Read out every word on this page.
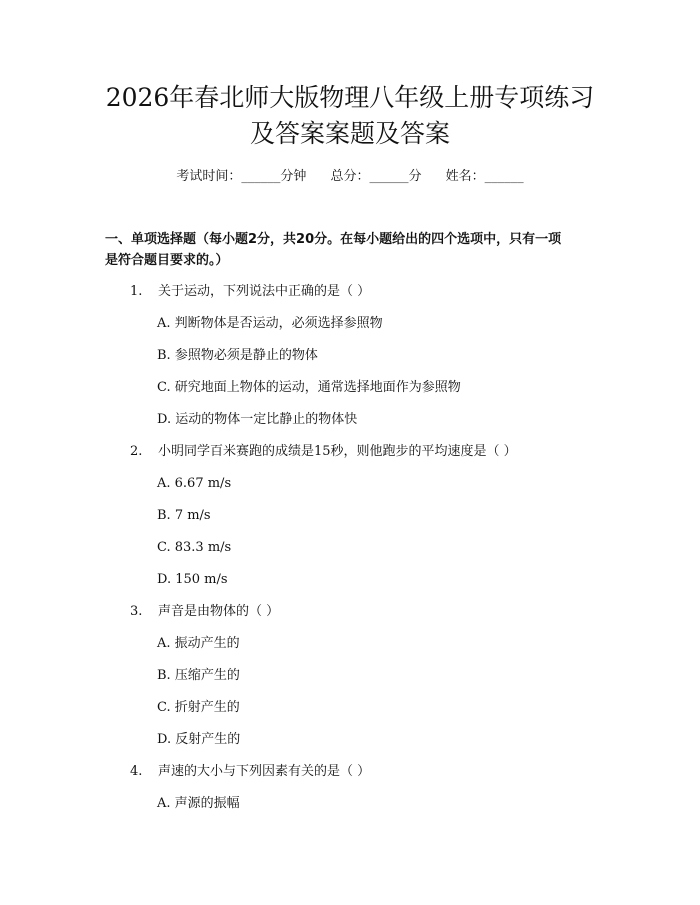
2026年春北师大版物理八年级上册专项练习
及答案案题及答案
考试时间：______分钟 总分：______分 姓名：______
一、单项选择题（每小题2分，共20分。在每小题给出的四个选项中，只有一项
是符合题目要求的。）
1. 关于运动，下列说法中正确的是（ ）
A. 判断物体是否运动，必须选择参照物
B. 参照物必须是静止的物体
C. 研究地面上物体的运动，通常选择地面作为参照物
D. 运动的物体一定比静止的物体快
2. 小明同学百米赛跑的成绩是15秒，则他跑步的平均速度是（ ）
A. 6.67 m/s
B. 7 m/s
C. 83.3 m/s
D. 150 m/s
3. 声音是由物体的（ ）
A. 振动产生的
B. 压缩产生的
C. 折射产生的
D. 反射产生的
4. 声速的大小与下列因素有关的是（ ）
A. 声源的振幅
